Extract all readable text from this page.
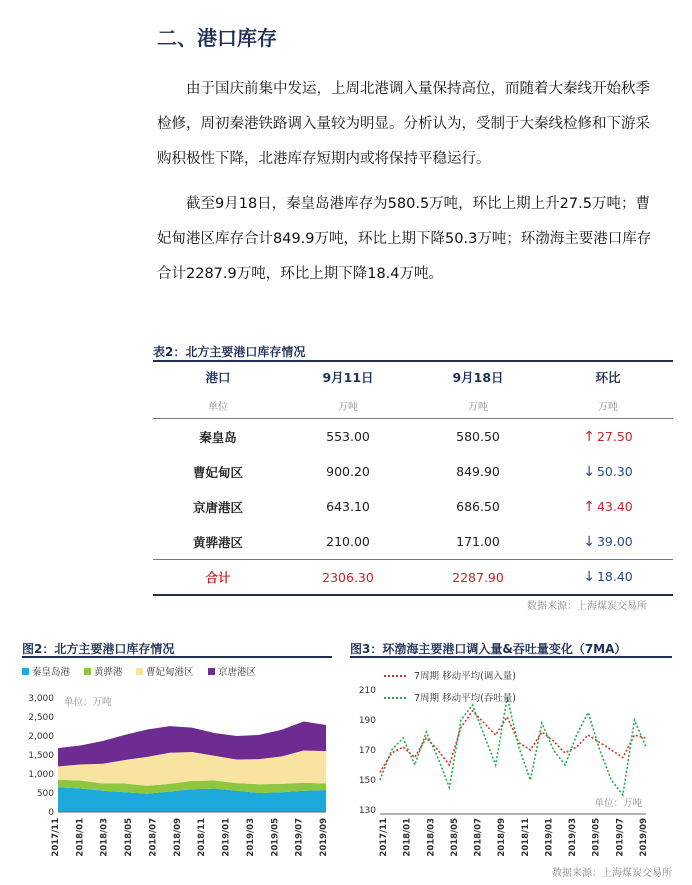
二、港口库存

由于国庆前集中发运，上周北港调入量保持高位，而随着大秦线开始秋季检修，周初秦港铁路调入量较为明显。分析认为，受制于大秦线检修和下游采购积极性下降，北港库存短期内或将保持平稳运行。

截至9月18日，秦皇岛港库存为580.5万吨，环比上期上升27.5万吨；曹妃甸港区库存合计849.9万吨，环比上期下降50.3万吨；环渤海主要港口库存合计2287.9万吨，环比上期下降18.4万吨。

表2：北方主要港口库存情况
港口	9月11日	9月18日	环比
单位	万吨	万吨	万吨
秦皇岛	553.00	580.50	↑ 27.50
曹妃甸区	900.20	849.90	↓ 50.30
京唐港区	643.10	686.50	↑ 43.40
黄骅港区	210.00	171.00	↓ 39.00
合计	2306.30	2287.90	↓ 18.40
数据来源：上海煤炭交易所
图2：北方主要港口库存情况	图3：环渤海主要港口调入量&吞吐量变化（7MA）
秦皇岛港	黄骅港 曹妃甸港区	京唐港区
单位：万吨
0
500
1,000
1,500
2,000
2,500
3,000
2017/11 2018/01 2018/03 2018/05 2018/07 2018/09 2018/11 2019/01 2019/03 2019/05 2019/07 2019/09
130
150
170
190
210
7周期 移动平均(调入量)
7周期 移动平均(吞吐量)
单位：万吨
2017/11 2018/01 2018/03 2018/05 2018/07 2018/09 2018/11 2019/01 2019/03 2019/05 2019/07 2019/09
数据来源：上海煤炭交易所
